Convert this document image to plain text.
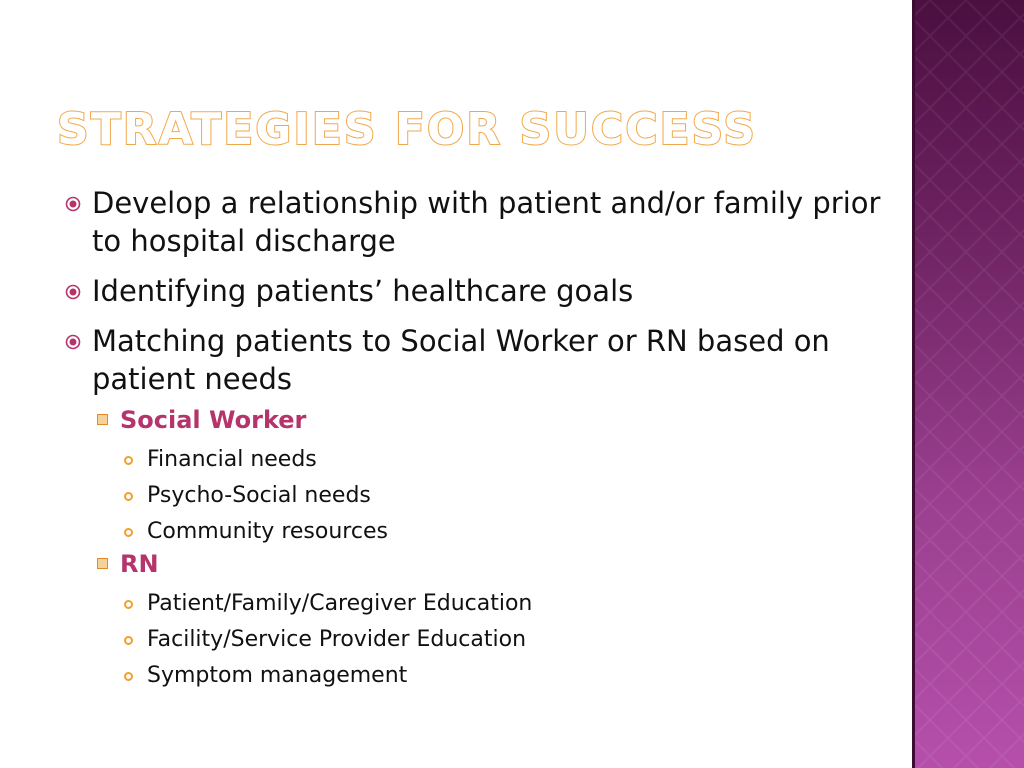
STRATEGIES FOR SUCCESS
Develop a relationship with patient and/or family prior to hospital discharge
Identifying patients’ healthcare goals
Matching patients to Social Worker or RN based on patient needs
Social Worker
Financial needs
Psycho-Social needs
Community resources
RN
Patient/Family/Caregiver Education
Facility/Service Provider Education
Symptom management
